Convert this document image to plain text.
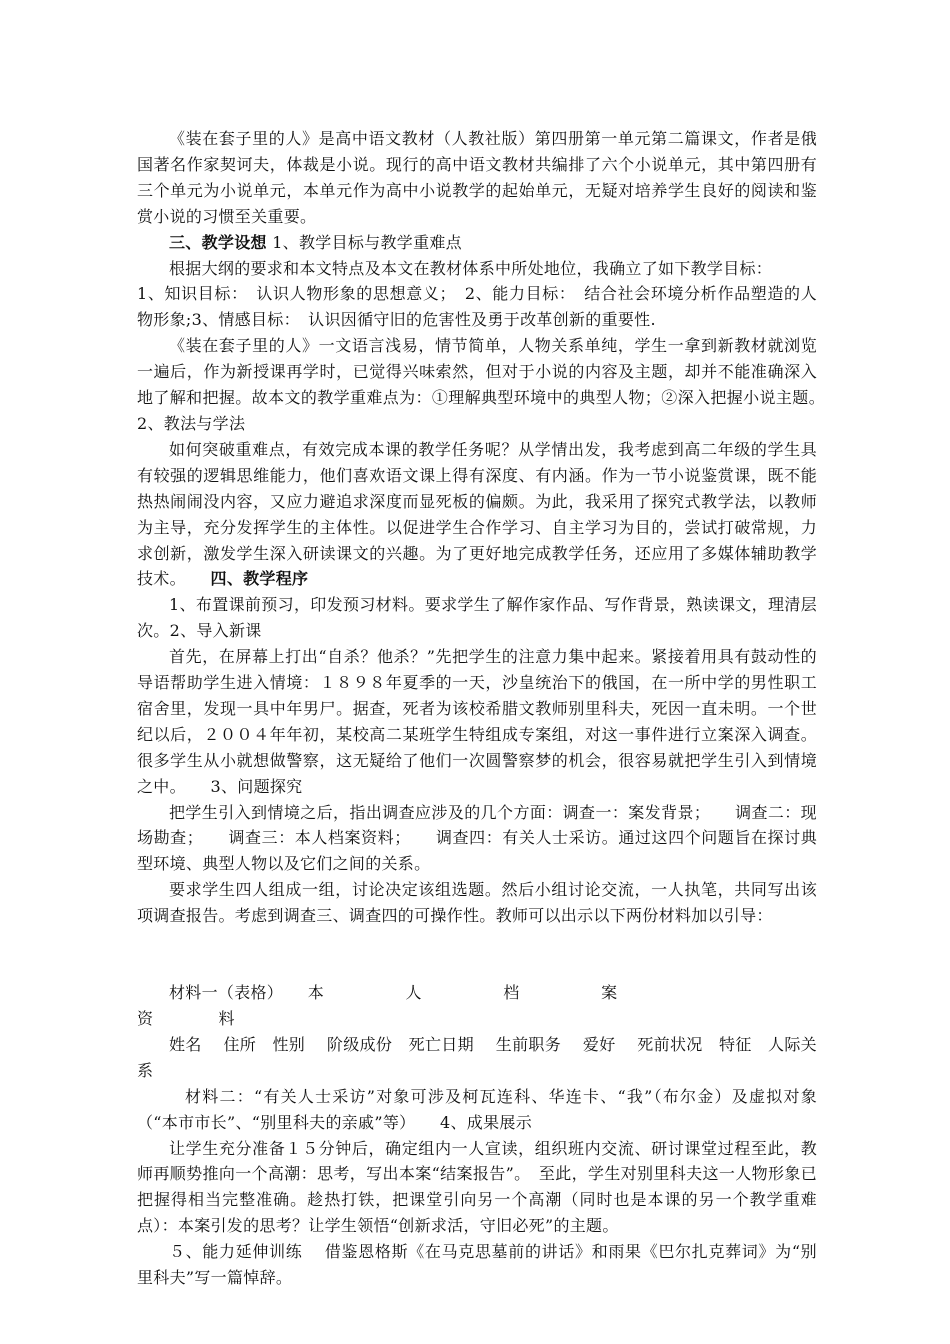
《装在套子里的人》是高中语文教材（人教社版）第四册第一单元第二篇课文，作者是俄国著名作家契诃夫，体裁是小说。现行的高中语文教材共编排了六个小说单元，其中第四册有三个单元为小说单元，本单元作为高中小说教学的起始单元，无疑对培养学生良好的阅读和鉴赏小说的习惯至关重要。

三、教学设想 1、教学目标与教学重难点

根据大纲的要求和本文特点及本文在教材体系中所处地位，我确立了如下教学目标：

1、知识目标：　认识人物形象的思想意义；　2、能力目标：　结合社会环境分析作品塑造的人物形象;3、情感目标：　认识因循守旧的危害性及勇于改革创新的重要性.

《装在套子里的人》一文语言浅易，情节简单，人物关系单纯，学生一拿到新教材就浏览一遍后，作为新授课再学时，已觉得兴味索然，但对于小说的内容及主题，却并不能准确深入地了解和把握。故本文的教学重难点为：①理解典型环境中的典型人物；②深入把握小说主题。　　2、教法与学法

如何突破重难点，有效完成本课的教学任务呢？从学情出发，我考虑到高二年级的学生具有较强的逻辑思维能力，他们喜欢语文课上得有深度、有内涵。作为一节小说鉴赏课，既不能热热闹闹没内容，又应力避追求深度而显死板的偏颇。为此，我采用了探究式教学法，以教师为主导，充分发挥学生的主体性。以促进学生合作学习、自主学习为目的，尝试打破常规，力求创新，激发学生深入研读课文的兴趣。为了更好地完成教学任务，还应用了多媒体辅助教学技术。　　四、教学程序

1、布置课前预习，印发预习材料。要求学生了解作家作品、写作背景，熟读课文，理清层次。2、导入新课

首先，在屏幕上打出“自杀？他杀？”先把学生的注意力集中起来。紧接着用具有鼓动性的导语帮助学生进入情境：１８９８年夏季的一天，沙皇统治下的俄国，在一所中学的男性职工宿舍里，发现一具中年男尸。据查，死者为该校希腊文教师别里科夫，死因一直未明。一个世纪以后，２００４年年初，某校高二某班学生特组成专案组，对这一事件进行立案深入调查。很多学生从小就想做警察，这无疑给了他们一次圆警察梦的机会，很容易就把学生引入到情境之中。　　3、问题探究

把学生引入到情境之后，指出调查应涉及的几个方面：调查一：案发背景；　　调查二：现场勘查；　　调查三：本人档案资料；　　调查四：有关人士采访。通过这四个问题旨在探讨典型环境、典型人物以及它们之间的关系。

要求学生四人组成一组，讨论决定该组选题。然后小组讨论交流，一人执笔，共同写出该项调查报告。考虑到调查三、调查四的可操作性。教师可以出示以下两份材料加以引导：

材料一（表格）　　本　　　　　人　　　　　档　　　　　案

资　　　　料

姓名　 住所　性别　 阶级成份　死亡日期　 生前职务　 爱好　 死前状况　特征　人际关系

材料二：“有关人士采访”对象可涉及柯瓦连科、华连卡、“我”（布尔金）及虚拟对象（“本市市长”、“别里科夫的亲戚”等）　　4、成果展示

让学生充分准备１５分钟后，确定组内一人宣读，组织班内交流、研讨课堂过程至此，教师再顺势推向一个高潮：思考，写出本案“结案报告”。　至此，学生对别里科夫这一人物形象已把握得相当完整准确。趁热打铁，把课堂引向另一个高潮（同时也是本课的另一个教学重难点）：本案引发的思考？让学生领悟“创新求活，守旧必死”的主题。

５、能力延伸训练　 借鉴恩格斯《在马克思墓前的讲话》和雨果《巴尔扎克葬词》为“别里科夫”写一篇悼辞。
